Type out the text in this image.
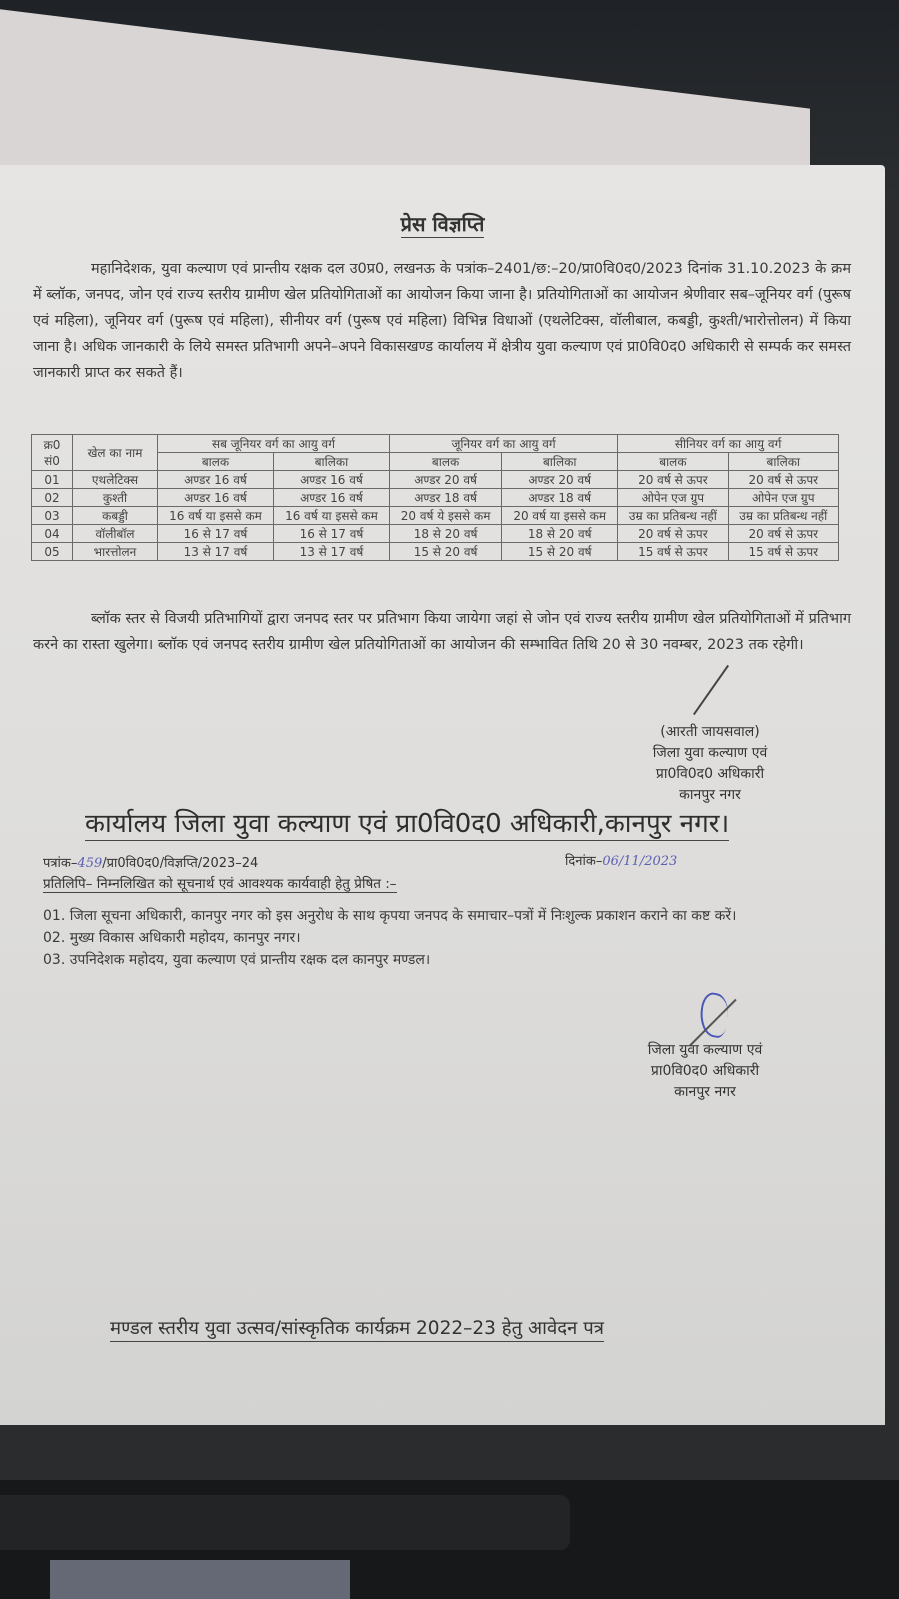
प्रेस विज्ञप्ति
महानिदेशक, युवा कल्याण एवं प्रान्तीय रक्षक दल उ0प्र0, लखनऊ के पत्रांक–2401/छ:–20/प्रा0वि0द0/2023 दिनांक 31.10.2023 के क्रम में ब्लॉक, जनपद, जोन एवं राज्य स्तरीय ग्रामीण खेल प्रतियोगिताओं का आयोजन किया जाना है। प्रतियोगिताओं का आयोजन श्रेणीवार सब–जूनियर वर्ग (पुरूष एवं महिला), जूनियर वर्ग (पुरूष एवं महिला), सीनीयर वर्ग (पुरूष एवं महिला) विभिन्न विधाओं (एथलेटिक्स, वॉलीबाल, कबड्डी, कुश्ती/भारोत्तोलन) में किया जाना है। अधिक जानकारी के लिये समस्त प्रतिभागी अपने–अपने विकासखण्ड कार्यालय में क्षेत्रीय युवा कल्याण एवं प्रा0वि0द0 अधिकारी से सम्पर्क कर समस्त जानकारी प्राप्त कर सकते हैं।
क्र0 सं0	खेल का नाम	सब जूनियर वर्ग का आयु वर्ग		जूनियर वर्ग का आयु वर्ग		सीनियर वर्ग का आयु वर्ग	
		बालक	बालिका	बालक	बालिका	बालक	बालिका
01	एथलेटिक्स	अण्डर 16 वर्ष	अण्डर 16 वर्ष	अण्डर 20 वर्ष	अण्डर 20 वर्ष	20 वर्ष से ऊपर	20 वर्ष से ऊपर
02	कुश्ती	अण्डर 16 वर्ष	अण्डर 16 वर्ष	अण्डर 18 वर्ष	अण्डर 18 वर्ष	ओपेन एज ग्रुप	ओपेन एज ग्रुप
03	कबड्डी	16 वर्ष या इससे कम	16 वर्ष या इससे कम	20 वर्ष ये इससे कम	20 वर्ष या इससे कम	उम्र का प्रतिबन्ध नहीं	उम्र का प्रतिबन्ध नहीं
04	वॉलीबॉल	16 से 17 वर्ष	16 से 17 वर्ष	18 से 20 वर्ष	18 से 20 वर्ष	20 वर्ष से ऊपर	20 वर्ष से ऊपर
05	भारत्तोलन	13 से 17 वर्ष	13 से 17 वर्ष	15 से 20 वर्ष	15 से 20 वर्ष	15 वर्ष से ऊपर	15 वर्ष से ऊपर
ब्लॉक स्तर से विजयी प्रतिभागियों द्वारा जनपद स्तर पर प्रतिभाग किया जायेगा जहां से जोन एवं राज्य स्तरीय ग्रामीण खेल प्रतियोगिताओं में प्रतिभाग करने का रास्ता खुलेगा। ब्लॉक एवं जनपद स्तरीय ग्रामीण खेल प्रतियोगिताओं का आयोजन की सम्भावित तिथि 20 से 30 नवम्बर, 2023 तक रहेगी।
(आरती जायसवाल)
जिला युवा कल्याण एवं
प्रा0वि0द0 अधिकारी
कानपुर नगर
कार्यालय जिला युवा कल्याण एवं प्रा0वि0द0 अधिकारी,कानपुर नगर।
पत्रांक–459/प्रा0वि0द0/विज्ञप्ति/2023–24	दिनांक–06/11/2023
प्रतिलिपि– निम्नलिखित को सूचनार्थ एवं आवश्यक कार्यवाही हेतु प्रेषित :–
01. जिला सूचना अधिकारी, कानपुर नगर को इस अनुरोध के साथ कृपया जनपद के समाचार–पत्रों में निःशुल्क प्रकाशन कराने का कष्ट करें।
02. मुख्य विकास अधिकारी महोदय, कानपुर नगर।
03. उपनिदेशक महोदय, युवा कल्याण एवं प्रान्तीय रक्षक दल कानपुर मण्डल।
जिला युवा कल्याण एवं
प्रा0वि0द0 अधिकारी
कानपुर नगर
मण्डल स्तरीय युवा उत्सव/सांस्कृतिक कार्यक्रम 2022–23 हेतु आवेदन पत्र
